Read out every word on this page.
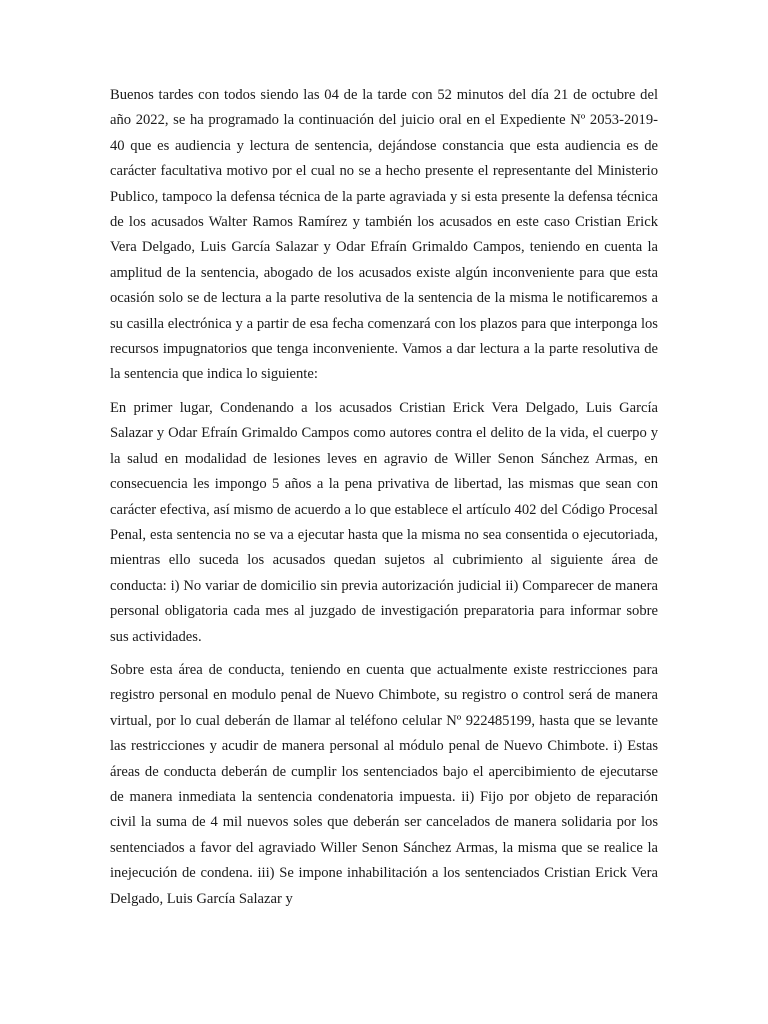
Buenos tardes con todos siendo las 04 de la tarde con 52 minutos del día 21 de octubre del año 2022, se ha programado la continuación del juicio oral en el Expediente Nº 2053-2019-40 que es audiencia y lectura de sentencia, dejándose constancia que esta audiencia es de carácter facultativa motivo por el cual no se a hecho presente el representante del Ministerio Publico, tampoco la defensa técnica de la parte agraviada y si esta presente la defensa técnica de los acusados Walter Ramos Ramírez y también los acusados en este caso Cristian Erick Vera Delgado, Luis García Salazar y Odar Efraín Grimaldo Campos, teniendo en cuenta la amplitud de la sentencia, abogado de los acusados existe algún inconveniente para que esta ocasión solo se de lectura a la parte resolutiva de la sentencia de la misma le notificaremos a su casilla electrónica y a partir de esa fecha comenzará con los plazos para que interponga los recursos impugnatorios que tenga inconveniente. Vamos a dar lectura a la parte resolutiva de la sentencia que indica lo siguiente:

En primer lugar, Condenando a los acusados Cristian Erick Vera Delgado, Luis García Salazar y Odar Efraín Grimaldo Campos como autores contra el delito de la vida, el cuerpo y la salud en modalidad de lesiones leves en agravio de Willer Senon Sánchez Armas, en consecuencia les impongo 5 años a la pena privativa de libertad, las mismas que sean con carácter efectiva, así mismo de acuerdo a lo que establece el artículo 402 del Código Procesal Penal, esta sentencia no se va a ejecutar hasta que la misma no sea consentida o ejecutoriada, mientras ello suceda los acusados quedan sujetos al cubrimiento al siguiente área de conducta: i) No variar de domicilio sin previa autorización judicial ii) Comparecer de manera personal obligatoria cada mes al juzgado de investigación preparatoria para informar sobre sus actividades.

Sobre esta área de conducta, teniendo en cuenta que actualmente existe restricciones para registro personal en modulo penal de Nuevo Chimbote, su registro o control será de manera virtual, por lo cual deberán de llamar al teléfono celular Nº 922485199, hasta que se levante las restricciones y acudir de manera personal al módulo penal de Nuevo Chimbote. i) Estas áreas de conducta deberán de cumplir los sentenciados bajo el apercibimiento de ejecutarse de manera inmediata la sentencia condenatoria impuesta. ii) Fijo por objeto de reparación civil la suma de 4 mil nuevos soles que deberán ser cancelados de manera solidaria por los sentenciados a favor del agraviado Willer Senon Sánchez Armas, la misma que se realice la inejecución de condena. iii) Se impone inhabilitación a los sentenciados Cristian Erick Vera Delgado, Luis García Salazar y
